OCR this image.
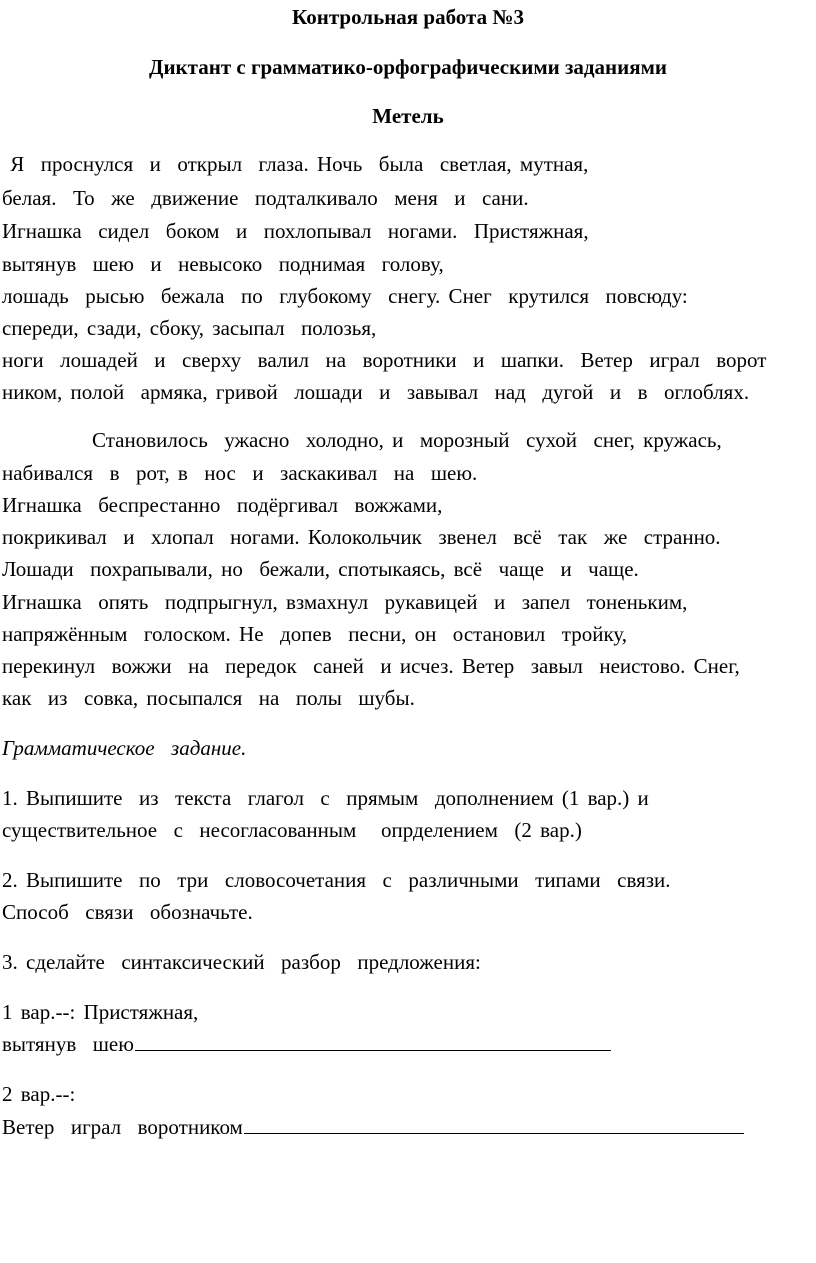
Контрольная работа №3

Диктант с грамматико-орфографическими заданиями

Метель

Я  проснулся  и  открыл  глаза. Ночь  была  светлая, мутная,

белая.  То  же  движение  подталкивало  меня  и  сани.

Игнашка  сидел  боком  и  похлопывал  ногами.  Пристяжная,

вытянув  шею  и  невысоко  поднимая  голову,

лошадь  рысью  бежала  по  глубокому  снегу. Снег  крутился  повсюду:

спереди, сзади, сбоку, засыпал  полозья,

ноги  лошадей  и  сверху  валил  на  воротники  и  шапки.  Ветер  играл  ворот

ником, полой  армяка, гривой  лошади  и  завывал  над  дугой  и  в  оглоблях.

Становилось  ужасно  холодно, и  морозный  сухой  снег, кружась,

набивался  в  рот, в  нос  и  заскакивал  на  шею.

Игнашка  беспрестанно  подёргивал  вожжами,

покрикивал  и  хлопал  ногами. Колокольчик  звенел  всё  так  же  странно.

Лошади  похрапывали, но  бежали, спотыкаясь, всё  чаще  и  чаще.

Игнашка  опять  подпрыгнул, взмахнул  рукавицей  и  запел  тоненьким,

напряжённым  голоском. Не  допев  песни, он  остановил  тройку,

перекинул  вожжи  на  передок  саней  и исчез. Ветер  завыл  неистово. Снег,

как  из  совка, посыпался  на  полы  шубы.

Грамматическое  задание.

1. Выпишите  из  текста  глагол  с  прямым  дополнением (1 вар.) и

существительное  с  несогласованным   опрделением  (2 вар.)

2. Выпишите  по  три  словосочетания  с  различными  типами  связи.

Способ  связи  обозначьте.

3. сделайте  синтаксический  разбор  предложения:

1 вар.--: Пристяжная,

вытянув  шею

2 вар.--:

Ветер  играл  воротником
